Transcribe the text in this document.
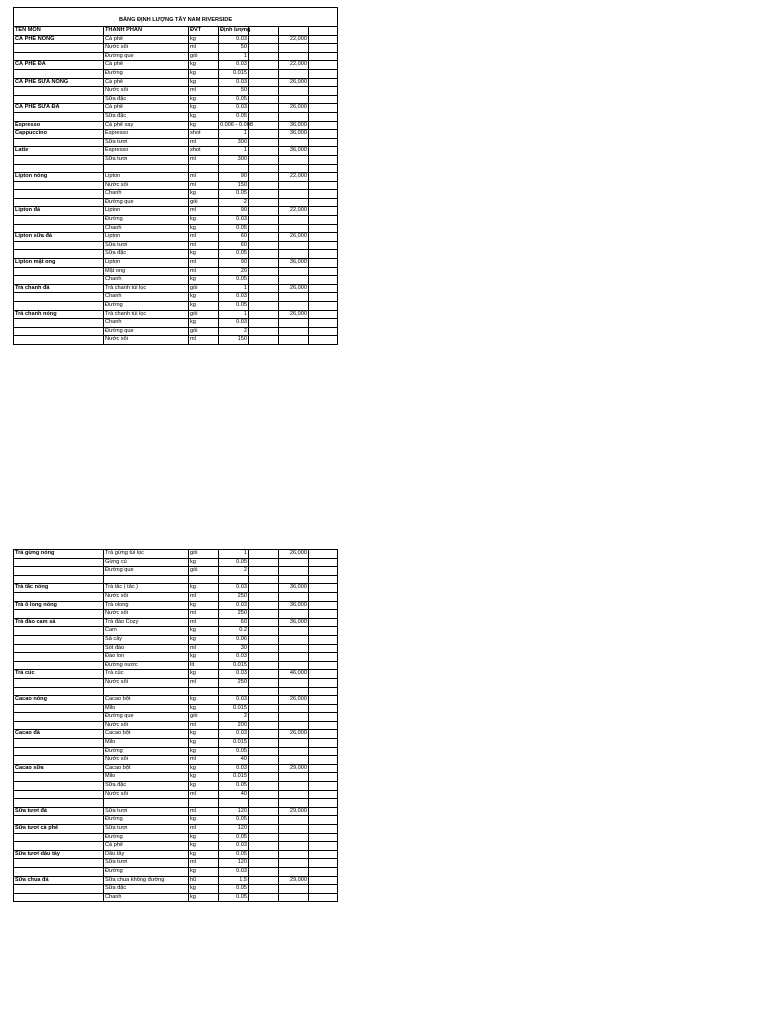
BẢNG ĐỊNH LƯỢNG TÂY NAM RIVERSIDE						
TÊN MÓN	THÀNH PHẦN	ĐVT	Định lượng			
CÀ PHÊ NÓNG	Cà phê	kg	0.03		22,000	
	Nước sôi	ml	50			
	Đường que	gói	1			
CÀ PHÊ ĐÁ	Cà phê	kg	0.03		22,000	
	Đường	kg	0.015			
CÀ PHÊ SỮA NÓNG	Cà phê	kg	0.03		26,000	
	Nước sôi	ml	50			
	Sữa đặc	kg	0.05			
CÀ PHÊ SỮA ĐÁ	Cà phê	kg	0.03		26,000	
	Sữa đặc	kg	0.05			
Espresso	Cà phê xay	kg	0.006 - 0.008		36,000	
Cappuccino	Espresso	shot	1		36,000	
	Sữa tươi	ml	300			
Latte	Espresso	shot	1		36,000	
	Sữa tươi	ml	300			

Lipton nóng	Lipton	ml	90		22,000	
	Nước sôi	ml	150			
	Chanh	kg	0.05			
	Đường que	gói	2			
Lipton đá	Lipton	ml	90		22,000	
	Đường	kg	0.03			
	Chanh	kg	0.05			
Lipton sữa đá	Lipton	ml	60		26,000	
	Sữa tươi	ml	60			
	Sữa đặc	kg	0.05			
Lipton mật ong	Lipton	ml	90		36,000	
	Mật ong	ml	20			
	Chanh	kg	0.05			
Trà chanh đá	Trà chanh túi lọc	gói	1		26,000	
	Chanh	kg	0.03			
	Đường	kg	0.05			
Trà chanh nóng	Trà chanh túi lọc	gói	1		26,000	
	Chanh	kg	0.03			
	Đường que	gói	2			
	Nước sôi	ml	150			
Trà gừng nóng	Trà gừng túi lọc	gói	1		26,000	
	Gừng củ	kg	0.05			
	Đường que	gói	2			

Trà tắc nóng	Trà tắc ( tắc )	kg	0.03		36,000	
	Nước sôi	ml	250			
Trà ô long nóng	Trà olong	kg	0.03		36,000	
	Nước sôi	ml	250			
Trà đào cam sả	Trà đào Cozy	ml	60		36,000	
	Cam	kg	0.2			
	Sả cây	kg	0.06			
	Sốt đào	ml	30			
	Đào lon	kg	0.03			
	Đường nước	lít	0.015			
Trà cúc	Trà cúc	kg	0.03		46,000	
	Nước sôi	ml	250			

Cacao nóng	Cacao bột	kg	0.03		26,000	
	Milo	kg	0.015			
	Đường que	gói	2			
	Nước sôi	ml	200			
Cacao đá	Cacao bột	kg	0.03		26,000	
	Milo	kg	0.015			
	Đường	kg	0.05			
	Nước sôi	ml	40			
Cacao sữa	Cacao bột	kg	0.03		29,000	
	Milo	kg	0.015			
	Sữa đặc	kg	0.05			
	Nước sôi	ml	40			

Sữa tươi đá	Sữa tươi	ml	120		29,000	
	Đường	kg	0.05			
Sữa tươi cà phê	Sữa tươi	ml	120			
	Đường	kg	0.05			
	Cà phê	kg	0.03			
Sữa tươi dâu tây	Dâu tây	kg	0.05			
	Sữa tươi	ml	120			
	Đường	kg	0.03			
Sữa chua đá	Sữa chua không đường	hũ	1.5		29,000	
	Sữa đặc	kg	0.05			
	Chanh	kg	0.05			
